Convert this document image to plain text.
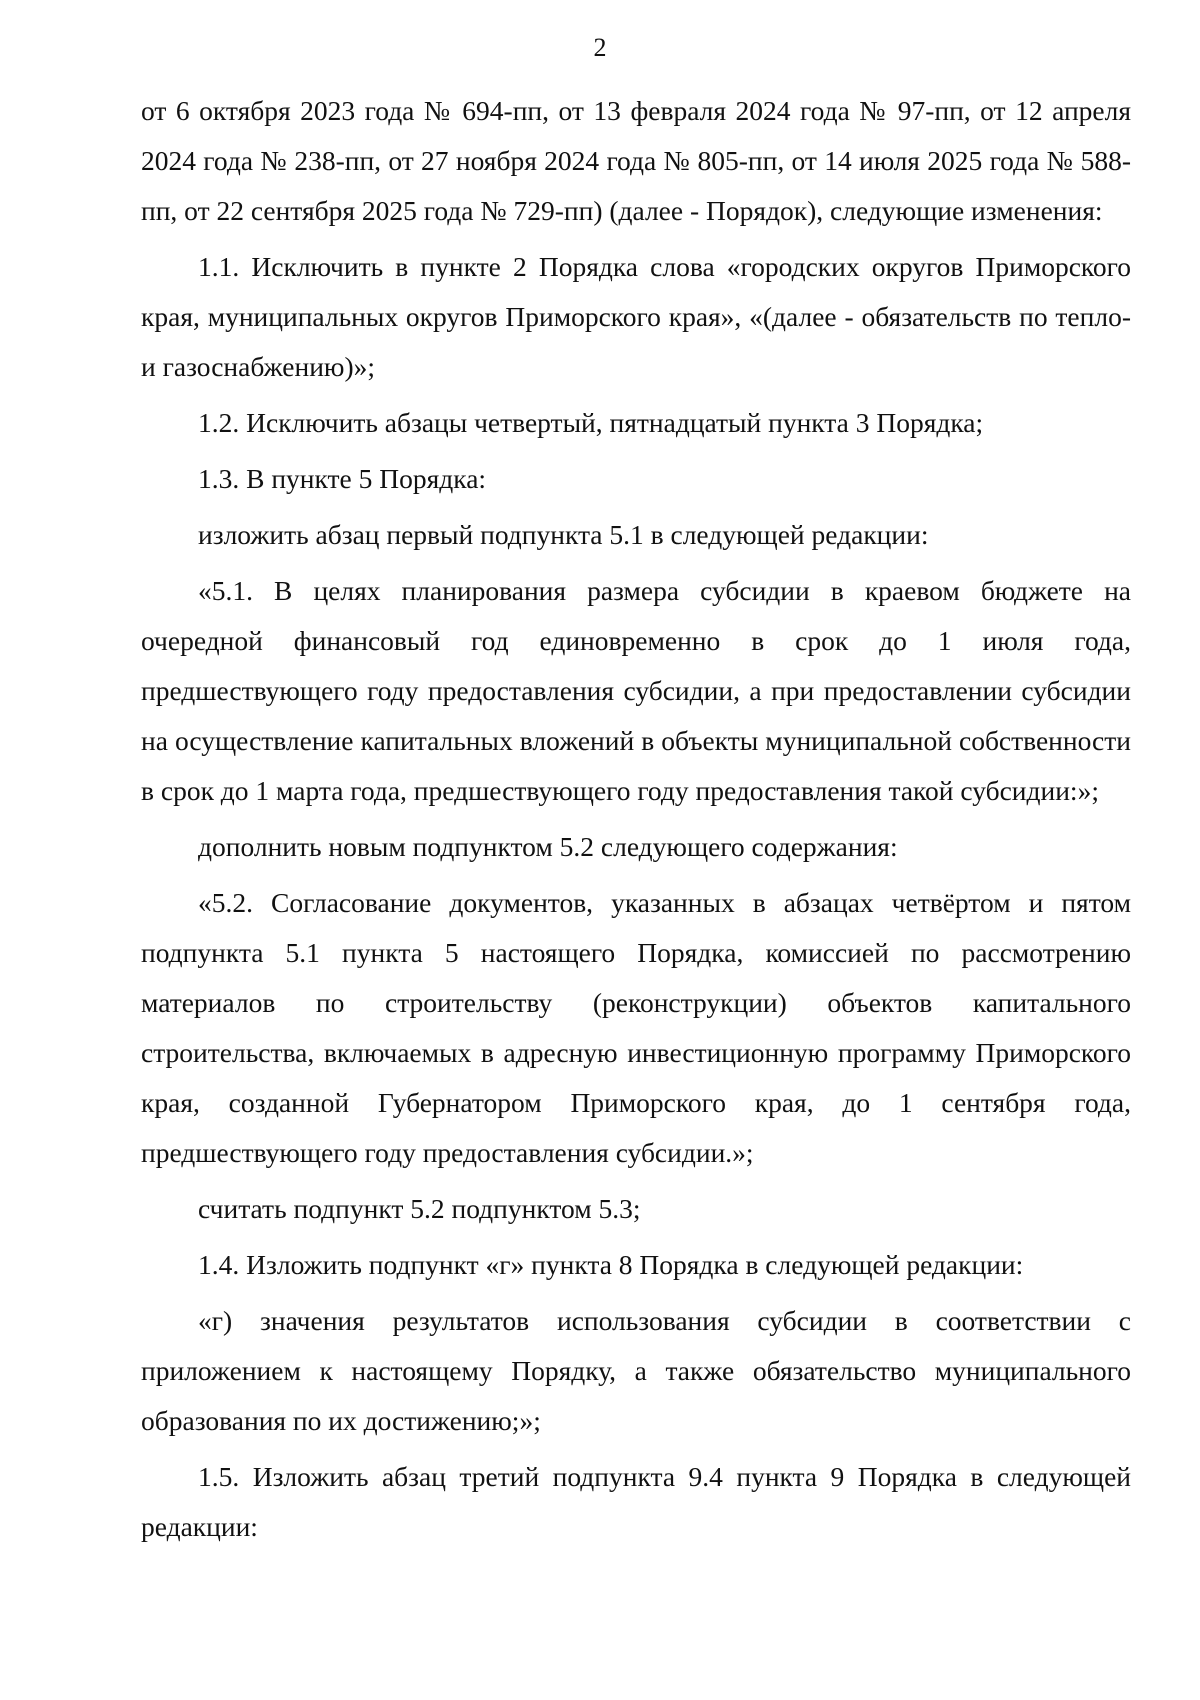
2

от 6 октября 2023 года № 694-пп, от 13 февраля 2024 года № 97-пп, от 12 апреля 2024 года № 238-пп, от 27 ноября 2024 года № 805-пп, от 14 июля 2025 года № 588-пп, от 22 сентября 2025 года № 729-пп) (далее - Порядок), следующие изменения:

1.1. Исключить в пункте 2 Порядка слова «городских округов Приморского края, муниципальных округов Приморского края», «(далее - обязательств по тепло- и газоснабжению)»;

1.2. Исключить абзацы четвертый, пятнадцатый пункта 3 Порядка;

1.3. В пункте 5 Порядка:

изложить абзац первый подпункта 5.1 в следующей редакции:

«5.1. В целях планирования размера субсидии в краевом бюджете на очередной финансовый год единовременно в срок до 1 июля года, предшествующего году предоставления субсидии, а при предоставлении субсидии на осуществление капитальных вложений в объекты муниципальной собственности в срок до 1 марта года, предшествующего году предоставления такой субсидии:»;

дополнить новым подпунктом 5.2 следующего содержания:

«5.2. Согласование документов, указанных в абзацах четвёртом и пятом подпункта 5.1 пункта 5 настоящего Порядка, комиссией по рассмотрению материалов по строительству (реконструкции) объектов капитального строительства, включаемых в адресную инвестиционную программу Приморского края, созданной Губернатором Приморского края, до 1 сентября года, предшествующего году предоставления субсидии.»;

считать подпункт 5.2 подпунктом 5.3;

1.4. Изложить подпункт «г» пункта 8 Порядка в следующей редакции:

«г) значения результатов использования субсидии в соответствии с приложением к настоящему Порядку, а также обязательство муниципального образования по их достижению;»;

1.5. Изложить абзац третий подпункта 9.4 пункта 9 Порядка в следующей редакции:
